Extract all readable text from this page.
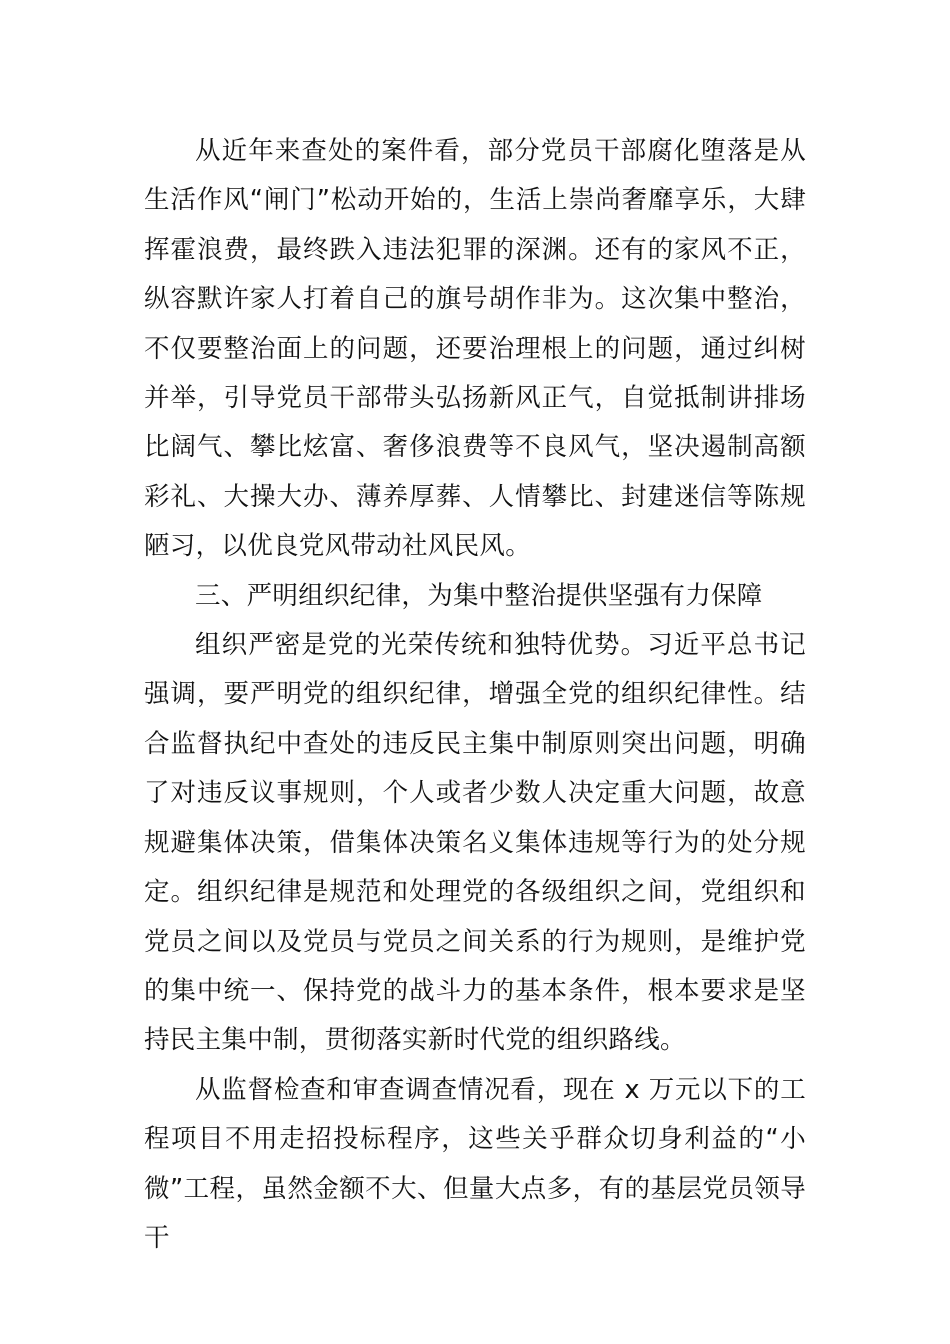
从近年来查处的案件看，部分党员干部腐化堕落是从生活作风“闸门”松动开始的，生活上崇尚奢靡享乐，大肆挥霍浪费，最终跌入违法犯罪的深渊。还有的家风不正，纵容默许家人打着自己的旗号胡作非为。这次集中整治，不仅要整治面上的问题，还要治理根上的问题，通过纠树并举，引导党员干部带头弘扬新风正气，自觉抵制讲排场比阔气、攀比炫富、奢侈浪费等不良风气，坚决遏制高额彩礼、大操大办、薄养厚葬、人情攀比、封建迷信等陈规陋习，以优良党风带动社风民风。

三、严明组织纪律，为集中整治提供坚强有力保障

组织严密是党的光荣传统和独特优势。习近平总书记强调，要严明党的组织纪律，增强全党的组织纪律性。结合监督执纪中查处的违反民主集中制原则突出问题，明确了对违反议事规则，个人或者少数人决定重大问题，故意规避集体决策，借集体决策名义集体违规等行为的处分规定。组织纪律是规范和处理党的各级组织之间，党组织和党员之间以及党员与党员之间关系的行为规则，是维护党的集中统一、保持党的战斗力的基本条件，根本要求是坚持民主集中制，贯彻落实新时代党的组织路线。

从监督检查和审查调查情况看，现在 x 万元以下的工程项目不用走招投标程序，这些关乎群众切身利益的“小微”工程，虽然金额不大、但量大点多，有的基层党员领导干
